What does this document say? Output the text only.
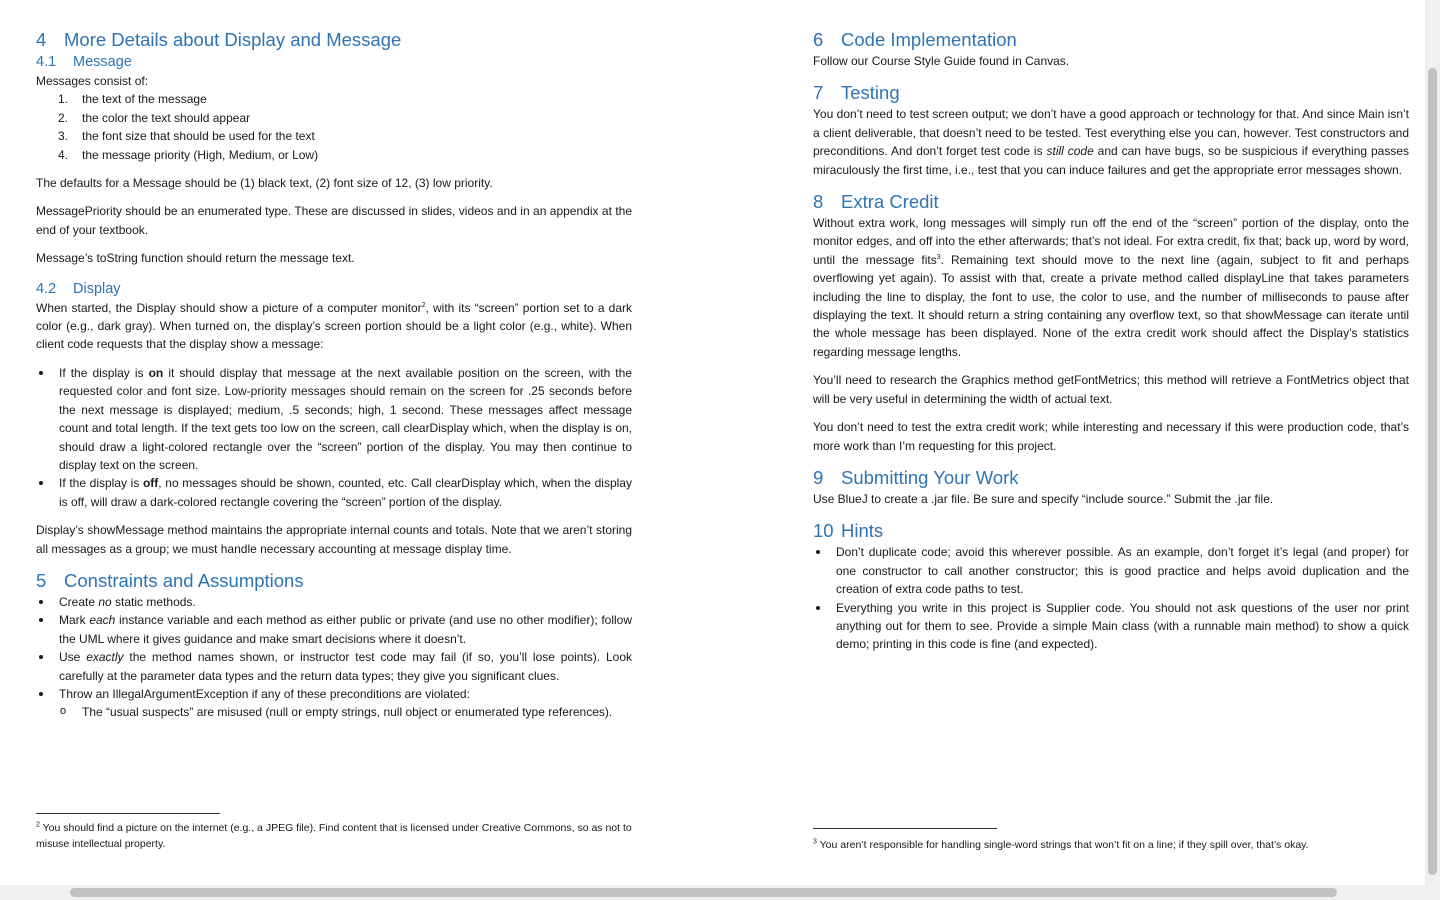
4 More Details about Display and Message
4.1 Message

Messages consist of:

1. the text of the message
2. the color the text should appear
3. the font size that should be used for the text
4. the message priority (High, Medium, or Low)

The defaults for a Message should be (1) black text, (2) font size of 12, (3) low priority.

MessagePriority should be an enumerated type. These are discussed in slides, videos and in an appendix at the end of your textbook.

Message’s toString function should return the message text.

4.2 Display

When started, the Display should show a picture of a computer monitor$^2$, with its “screen” portion set to a dark color (e.g., dark gray). When turned on, the display’s screen portion should be a light color (e.g., white). When client code requests that the display show a message:

If the display is on it should display that message at the next available position on the screen, with the requested color and font size. Low-priority messages should remain on the screen for .25 seconds before the next message is displayed; medium, .5 seconds; high, 1 second. These messages affect message count and total length. If the text gets too low on the screen, call clearDisplay which, when the display is on, should draw a light-colored rectangle over the “screen” portion of the display. You may then continue to display text on the screen.
If the display is off, no messages should be shown, counted, etc. Call clearDisplay which, when the display is off, will draw a dark-colored rectangle covering the “screen” portion of the display.

Display’s showMessage method maintains the appropriate internal counts and totals. Note that we aren’t storing all messages as a group; we must handle necessary accounting at message display time.

5 Constraints and Assumptions
Create no static methods.
Mark each instance variable and each method as either public or private (and use no other modifier); follow the UML where it gives guidance and make smart decisions where it doesn’t.
Use exactly the method names shown, or instructor test code may fail (if so, you’ll lose points). Look carefully at the parameter data types and the return data types; they give you significant clues.
Throw an IllegalArgumentException if any of these preconditions are violated:
o The “usual suspects” are misused (null or empty strings, null object or enumerated type references).
$^2$ You should find a picture on the internet (e.g., a JPEG file). Find content that is licensed under Creative Commons, so as not to misuse intellectual property.
6 Code Implementation

Follow our Course Style Guide found in Canvas.

7 Testing

You don’t need to test screen output; we don’t have a good approach or technology for that. And since Main isn’t a client deliverable, that doesn’t need to be tested. Test everything else you can, however. Test constructors and preconditions. And don’t forget test code is still code and can have bugs, so be suspicious if everything passes miraculously the first time, i.e., test that you can induce failures and get the appropriate error messages shown.

8 Extra Credit

Without extra work, long messages will simply run off the end of the “screen” portion of the display, onto the monitor edges, and off into the ether afterwards; that’s not ideal. For extra credit, fix that; back up, word by word, until the message fits$^3$. Remaining text should move to the next line (again, subject to fit and perhaps overflowing yet again). To assist with that, create a private method called displayLine that takes parameters including the line to display, the font to use, the color to use, and the number of milliseconds to pause after displaying the text. It should return a string containing any overflow text, so that showMessage can iterate until the whole message has been displayed. None of the extra credit work should affect the Display’s statistics regarding message lengths.

You’ll need to research the Graphics method getFontMetrics; this method will retrieve a FontMetrics object that will be very useful in determining the width of actual text.

You don’t need to test the extra credit work; while interesting and necessary if this were production code, that’s more work than I’m requesting for this project.

9 Submitting Your Work

Use BlueJ to create a .jar file. Be sure and specify “include source.” Submit the .jar file.

10 Hints
Don’t duplicate code; avoid this wherever possible. As an example, don’t forget it’s legal (and proper) for one constructor to call another constructor; this is good practice and helps avoid duplication and the creation of extra code paths to test.
Everything you write in this project is Supplier code. You should not ask questions of the user nor print anything out for them to see. Provide a simple Main class (with a runnable main method) to show a quick demo; printing in this code is fine (and expected).
$^3$ You aren’t responsible for handling single-word strings that won’t fit on a line; if they spill over, that’s okay.
